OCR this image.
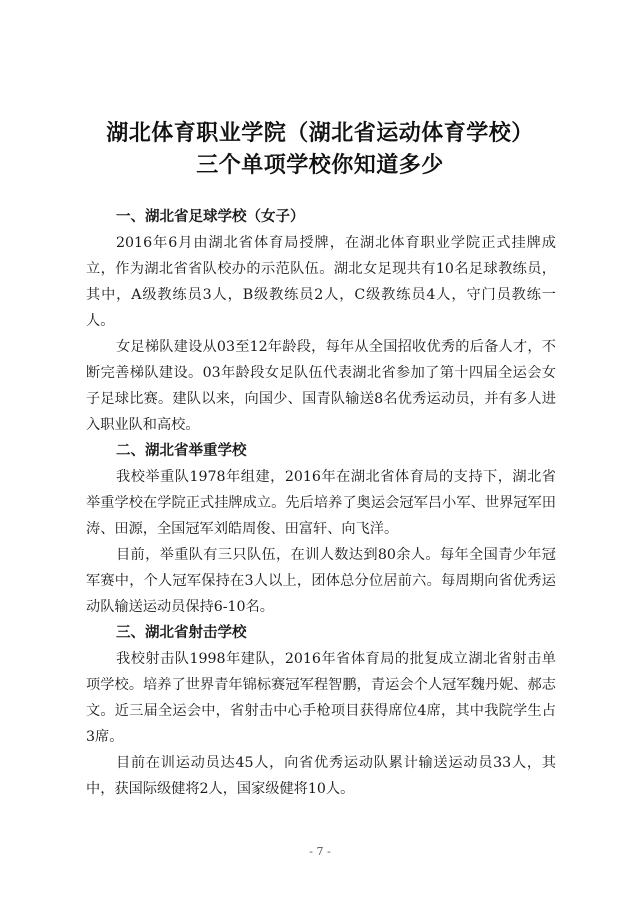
湖北体育职业学院（湖北省运动体育学校）
三个单项学校你知道多少
一、湖北省足球学校（女子）

2016年6月由湖北省体育局授牌，在湖北体育职业学院正式挂牌成立，作为湖北省省队校办的示范队伍。湖北女足现共有10名足球教练员，其中，A级教练员3人，B级教练员2人，C级教练员4人，守门员教练一人。

女足梯队建设从03至12年龄段，每年从全国招收优秀的后备人才，不断完善梯队建设。03年龄段女足队伍代表湖北省参加了第十四届全运会女子足球比赛。建队以来，向国少、国青队输送8名优秀运动员，并有多人进入职业队和高校。

二、湖北省举重学校

我校举重队1978年组建，2016年在湖北省体育局的支持下，湖北省举重学校在学院正式挂牌成立。先后培养了奥运会冠军吕小军、世界冠军田涛、田源，全国冠军刘皓周俊、田富轩、向飞洋。

目前，举重队有三只队伍，在训人数达到80余人。每年全国青少年冠军赛中，个人冠军保持在3人以上，团体总分位居前六。每周期向省优秀运动队输送运动员保持6-10名。

三、湖北省射击学校

我校射击队1998年建队，2016年省体育局的批复成立湖北省射击单项学校。培养了世界青年锦标赛冠军程智鹏，青运会个人冠军魏丹妮、郝志文。近三届全运会中，省射击中心手枪项目获得席位4席，其中我院学生占3席。

目前在训运动员达45人，向省优秀运动队累计输送运动员33人，其中，获国际级健将2人，国家级健将10人。

- 7 -
